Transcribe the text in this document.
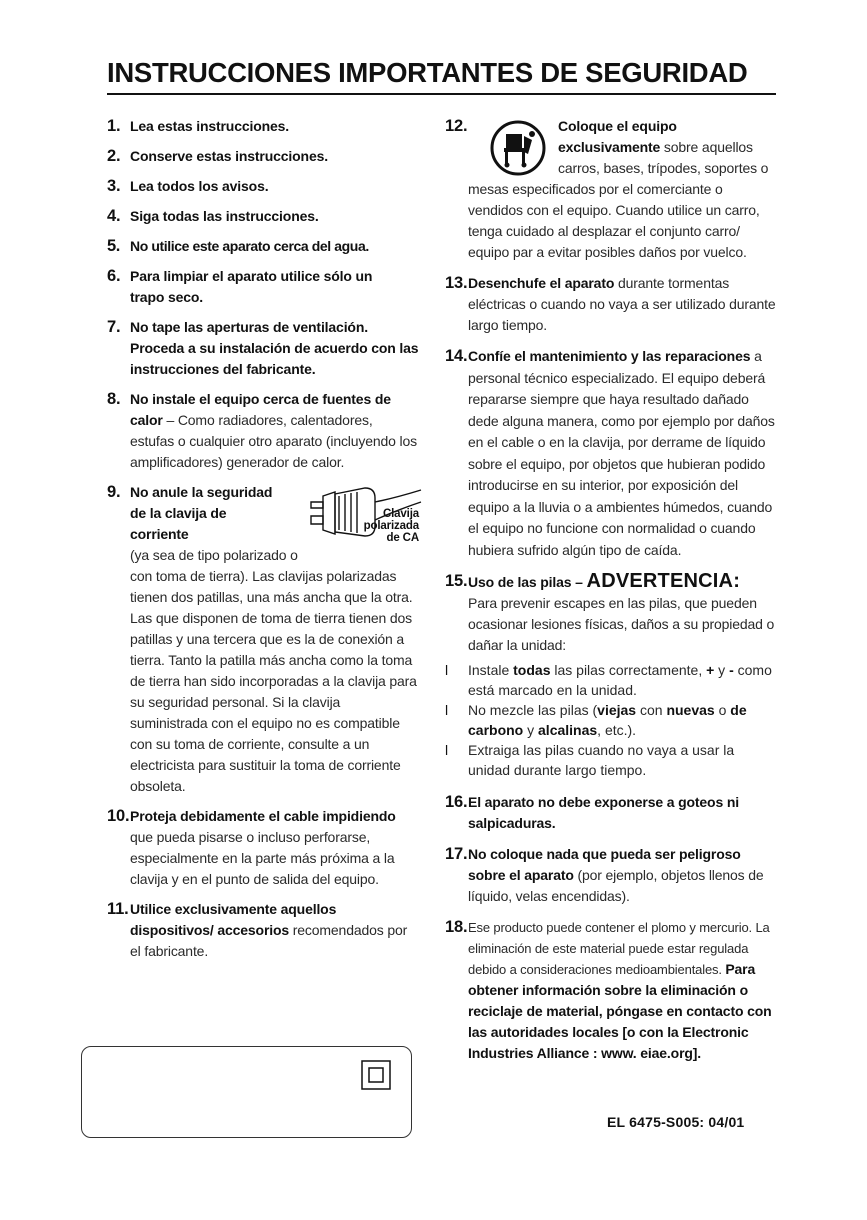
INSTRUCCIONES IMPORTANTES DE SEGURIDAD
1. Lea estas instrucciones.
2. Conserve estas instrucciones.
3. Lea todos los avisos.
4. Siga todas las instrucciones.
5. No utilice este aparato cerca del agua.
6. Para limpiar el aparato utilice sólo un trapo seco.
7. No tape las aperturas de ventilación. Proceda a su instalación de acuerdo con las instrucciones del fabricante.
8. No instale el equipo cerca de fuentes de calor – Como radiadores, calentadores, estufas o cualquier otro aparato (incluyendo los amplificadores) generador de calor.
9.
Clavija
polarizada
de CA
No anule la seguridad de la clavija de corriente
(ya sea de tipo polarizado o con toma de tierra). Las clavijas polarizadas tienen dos patillas, una más ancha que la otra. Las que disponen de toma de tierra tienen dos patillas y una tercera que es la de conexión a tierra. Tanto la patilla más ancha como la toma de tierra han sido incorporadas a la clavija para su seguridad personal. Si la clavija suministrada con el equipo no es compatible con su toma de corriente, consulte a un electricista para sustituir la toma de corriente obsoleta.
10. Proteja debidamente el cable impidiendo que pueda pisarse o incluso perforarse, especialmente en la parte más próxima a la clavija y en el punto de salida del equipo.
11. Utilice exclusivamente aquellos dispositivos/ accesorios recomendados por el fabricante.
12.	Coloque el equipo exclusivamente sobre aquellos carros, bases, trípodes, soportes o mesas especificados por el comerciante o vendidos con el equipo. Cuando utilice un carro, tenga cuidado al desplazar el conjunto carro/ equipo par a evitar posibles daños por vuelco.
13. Desenchufe el aparato durante tormentas eléctricas o cuando no vaya a ser utilizado durante largo tiempo.
14. Confíe el mantenimiento y las reparaciones a personal técnico especializado. El equipo deberá repararse siempre que haya resultado dañado dede alguna manera, como por ejemplo por daños en el cable o en la clavija, por derrame de líquido sobre el equipo, por objetos que hubieran podido introducirse en su interior, por exposición del equipo a la lluvia o a ambientes húmedos, cuando el equipo no funcione con normalidad o cuando hubiera sufrido algún tipo de caída.
15. Uso de las pilas – ADVERTENCIA:
Para prevenir escapes en las pilas, que pueden ocasionar lesiones físicas, daños a su propiedad o dañar la unidad:
l Instale todas las pilas correctamente, + y - como está marcado en la unidad.
l No mezcle las pilas (viejas con nuevas o de carbono y alcalinas, etc.).
l Extraiga las pilas cuando no vaya a usar la unidad durante largo tiempo.
16. El aparato no debe exponerse a goteos ni salpicaduras.
17. No coloque nada que pueda ser peligroso sobre el aparato (por ejemplo, objetos llenos de líquido, velas encendidas).
18. Ese producto puede contener el plomo y mercurio. La eliminación de este material puede estar regulada debido a consideraciones medioambientales. Para obtener información sobre la eliminación o reciclaje de material, póngase en contacto con las autoridades locales [o con la Electronic Industries Alliance : www. eiae.org].
EL 6475-S005: 04/01
